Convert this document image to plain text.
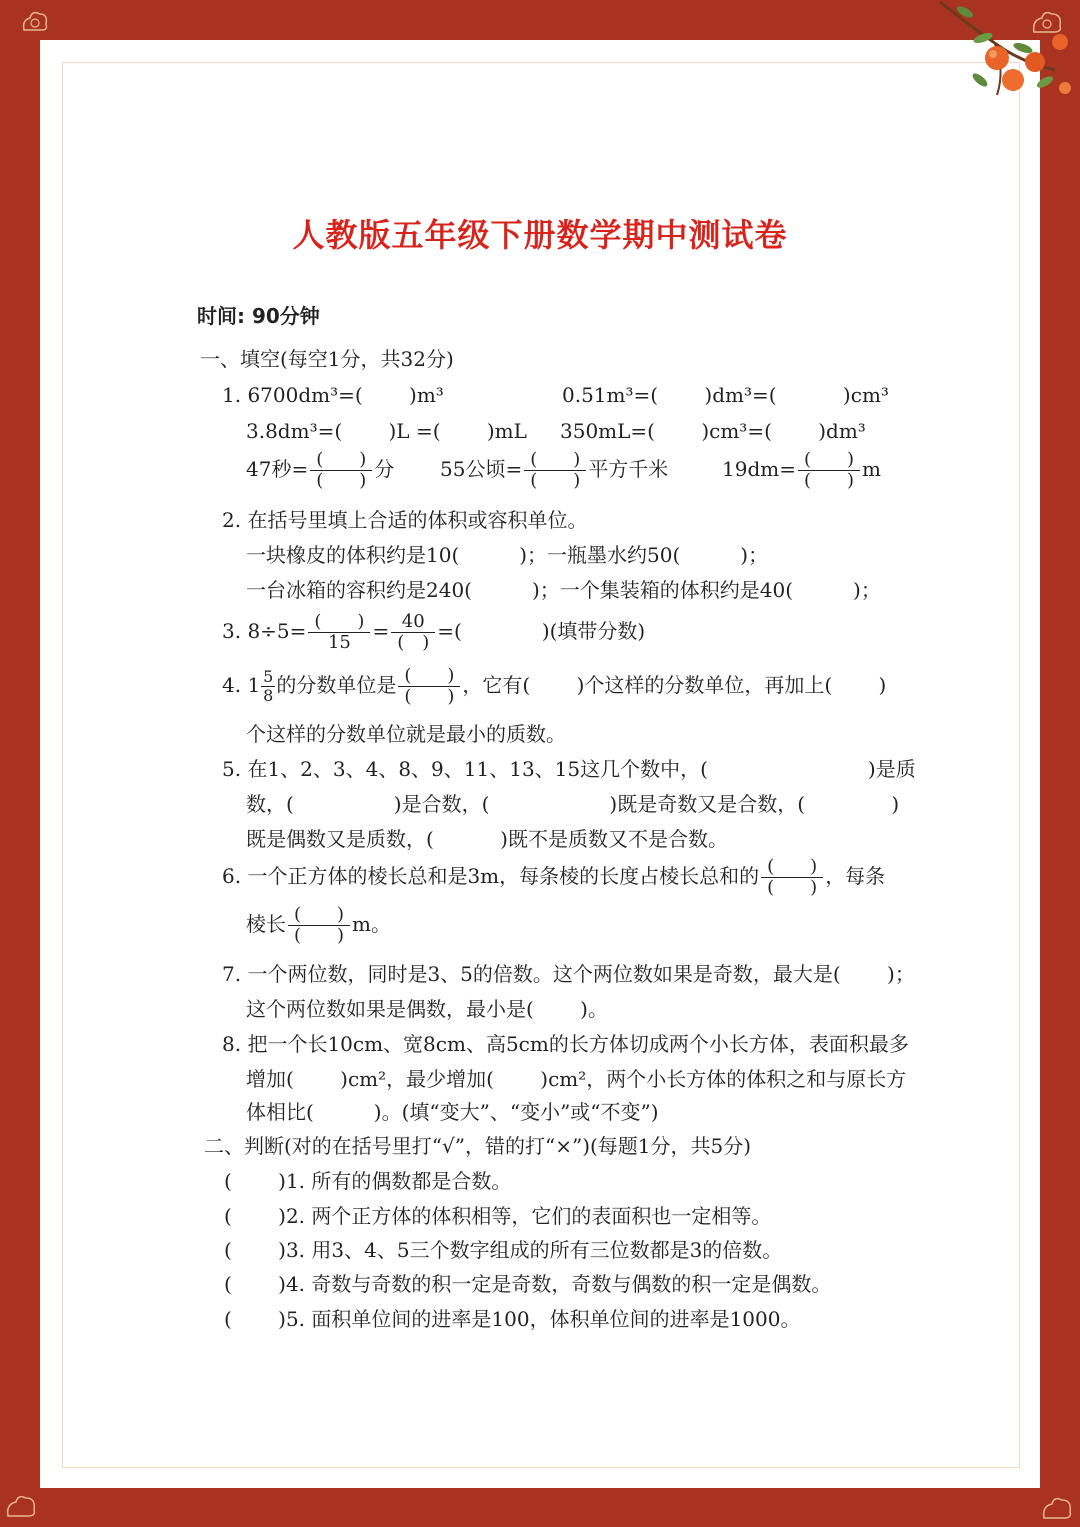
人教版五年级下册数学期中测试卷
时间: 90分钟
一、填空(每空1分，共32分)
1. 6700dm³=(　　 )m³	0.51m³=(　　 )dm³=(　　　 )cm³
3.8dm³=(　　 )L =(　　 )mL 350mL=(　　 )cm³=(　　 )dm³
47秒= $\frac{( )}{( )}$ 分 55公顷= $\frac{( )}{( )}$ 平方千米	$19dm= \frac{( )}{( )}$ m
2. 在括号里填上合适的体积或容积单位。
一块橡皮的体积约是10(　　　)；一瓶墨水约50(　　　)；
一台冰箱的容积约是240(　　　)；一个集装箱的体积约是40(　　　)；
3. $8\div 5= \frac{( )}{15} = \frac{40}{( )}$ =(　　　　)(填带分数)
4. $1 \frac{5}{8}$ 的分数单位是 $\frac{( )}{( )}$ ，它有(　　 )个这样的分数单位，再加上(　　 )
个这样的分数单位就是最小的质数。
5. 在1、2、3、4、8、9、11、13、15这几个数中，(　　　　　　　　)是质
数，(　　　　　)是合数，(　　　　　　)既是奇数又是合数，(　　　　 )
既是偶数又是质数，(　　　 )既不是质数又不是合数。
6. 一个正方体的棱长总和是3m，每条棱的长度占棱长总和的 $\frac{( )}{( )}$ ，每条
棱长 $\frac{( )}{( )}$ m。
7. 一个两位数，同时是3、5的倍数。这个两位数如果是奇数，最大是(　　 )；
这个两位数如果是偶数，最小是(　　 )。
8. 把一个长10cm、宽8cm、高5cm的长方体切成两个小长方体，表面积最多
增加(　　 )cm²，最少增加(　　 )cm²，两个小长方体的体积之和与原长方
体相比(　　　)。(填“变大”、“变小”或“不变”)
二、判断(对的在括号里打“√”，错的打“×”)(每题1分，共5分)
(　　 )1. 所有的偶数都是合数。
(　　 )2. 两个正方体的体积相等，它们的表面积也一定相等。
(　　 )3. 用3、4、5三个数字组成的所有三位数都是3的倍数。
(　　 )4. 奇数与奇数的积一定是奇数，奇数与偶数的积一定是偶数。
(　　 )5. 面积单位间的进率是100，体积单位间的进率是1000。
